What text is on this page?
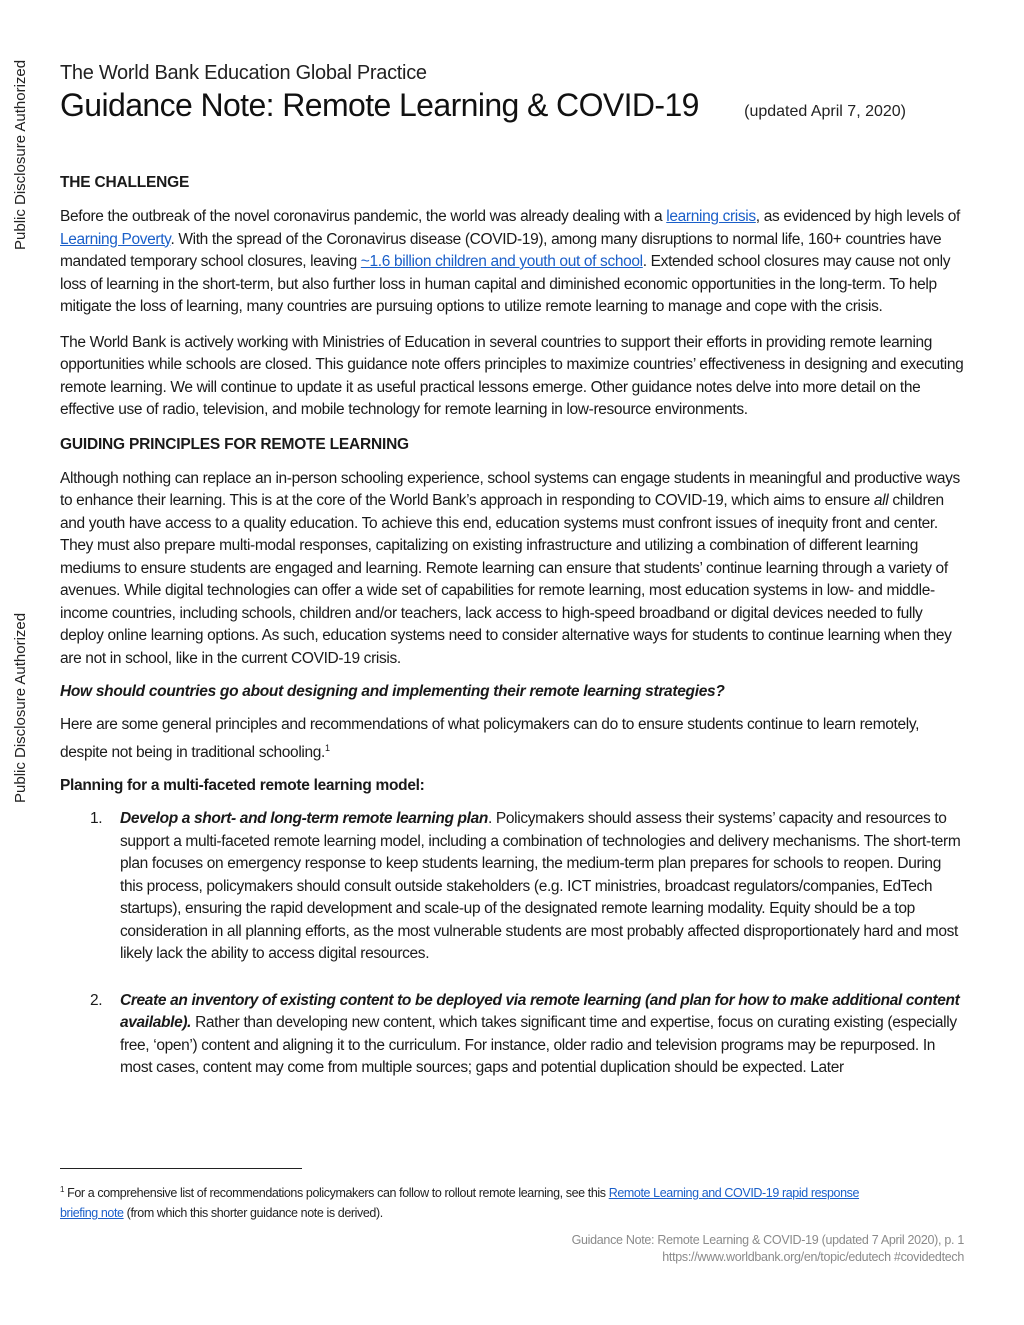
Public Disclosure Authorized
Public Disclosure Authorized
The World Bank Education Global Practice
Guidance Note: Remote Learning & COVID-19	(updated April 7, 2020)
THE CHALLENGE

Before the outbreak of the novel coronavirus pandemic, the world was already dealing with a learning crisis, as evidenced by high levels of Learning Poverty. With the spread of the Coronavirus disease (COVID-19), among many disruptions to normal life, 160+ countries have mandated temporary school closures, leaving ~1.6 billion children and youth out of school. Extended school closures may cause not only loss of learning in the short-term, but also further loss in human capital and diminished economic opportunities in the long-term. To help mitigate the loss of learning, many countries are pursuing options to utilize remote learning to manage and cope with the crisis.

The World Bank is actively working with Ministries of Education in several countries to support their efforts in providing remote learning opportunities while schools are closed. This guidance note offers principles to maximize countries’ effectiveness in designing and executing remote learning. We will continue to update it as useful practical lessons emerge. Other guidance notes delve into more detail on the effective use of radio, television, and mobile technology for remote learning in low-resource environments.

GUIDING PRINCIPLES FOR REMOTE LEARNING

Although nothing can replace an in-person schooling experience, school systems can engage students in meaningful and productive ways to enhance their learning. This is at the core of the World Bank’s approach in responding to COVID-19, which aims to ensure all children and youth have access to a quality education. To achieve this end, education systems must confront issues of inequity front and center. They must also prepare multi-modal responses, capitalizing on existing infrastructure and utilizing a combination of different learning mediums to ensure students are engaged and learning. Remote learning can ensure that students’ continue learning through a variety of avenues. While digital technologies can offer a wide set of capabilities for remote learning, most education systems in low- and middle-income countries, including schools, children and/or teachers, lack access to high-speed broadband or digital devices needed to fully deploy online learning options. As such, education systems need to consider alternative ways for students to continue learning when they are not in school, like in the current COVID-19 crisis.

How should countries go about designing and implementing their remote learning strategies?

Here are some general principles and recommendations of what policymakers can do to ensure students continue to learn remotely, despite not being in traditional schooling.$^1$

Planning for a multi-faceted remote learning model:

1. Develop a short- and long-term remote learning plan. Policymakers should assess their systems’ capacity and resources to support a multi-faceted remote learning model, including a combination of technologies and delivery mechanisms. The short-term plan focuses on emergency response to keep students learning, the medium-term plan prepares for schools to reopen. During this process, policymakers should consult outside stakeholders (e.g. ICT ministries, broadcast regulators/companies, EdTech startups), ensuring the rapid development and scale-up of the designated remote learning modality. Equity should be a top consideration in all planning efforts, as the most vulnerable students are most probably affected disproportionately hard and most likely lack the ability to access digital resources.
2. Create an inventory of existing content to be deployed via remote learning (and plan for how to make additional content available). Rather than developing new content, which takes significant time and expertise, focus on curating existing (especially free, ‘open’) content and aligning it to the curriculum. For instance, older radio and television programs may be repurposed. In most cases, content may come from multiple sources; gaps and potential duplication should be expected. Later
$^1$ For a comprehensive list of recommendations policymakers can follow to rollout remote learning, see this Remote Learning and COVID-19 rapid response briefing note (from which this shorter guidance note is derived).
Guidance Note: Remote Learning & COVID-19 (updated 7 April 2020), p. 1
https://www.worldbank.org/en/topic/edutech #covidedtech
